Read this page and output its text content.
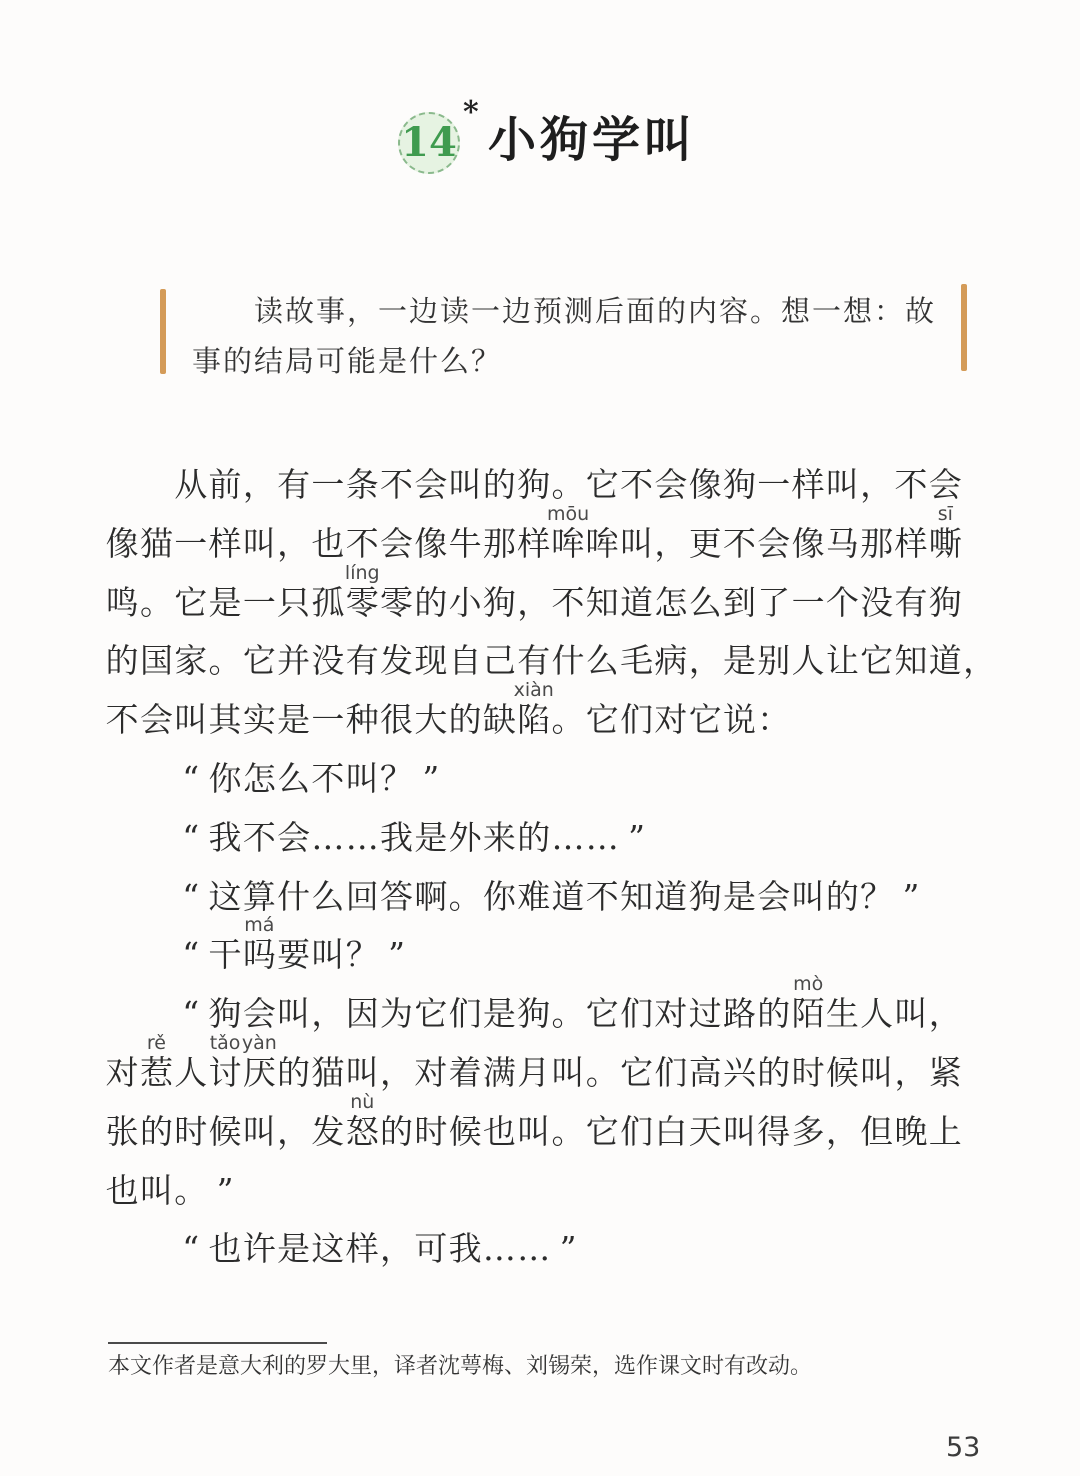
14
* 小狗学叫
读故事，一边读一边预测后面的内容。想一想：故
事的结局可能是什么？
从前，有一条不会叫的狗。它不会像狗一样叫，不会
像猫一样叫，也不会像牛那样哞哞叫，更不会像马那样嘶
mōu	sī
鸣。它是一只孤零零的小狗，不知道怎么到了一个没有狗
líng
的国家。它并没有发现自己有什么毛病，是别人让它知道，
不会叫其实是一种很大的缺陷。它们对它说：
xiàn
“ 你怎么不叫？ ”
“ 我不会……我是外来的…… ”
“ 这算什么回答啊。你难道不知道狗是会叫的？ ”
“ 干吗要叫？ ”
má
“ 狗会叫，因为它们是狗。它们对过路的陌生人叫，
mò
对惹人讨厌的猫叫，对着满月叫。它们高兴的时候叫，紧
rě tǎo yàn
张的时候叫，发怒的时候也叫。它们白天叫得多，但晚上
nù
也叫。 ”
“ 也许是这样，可我…… ”
本文作者是意大利的罗大里，译者沈萼梅、刘锡荣，选作课文时有改动。
53
